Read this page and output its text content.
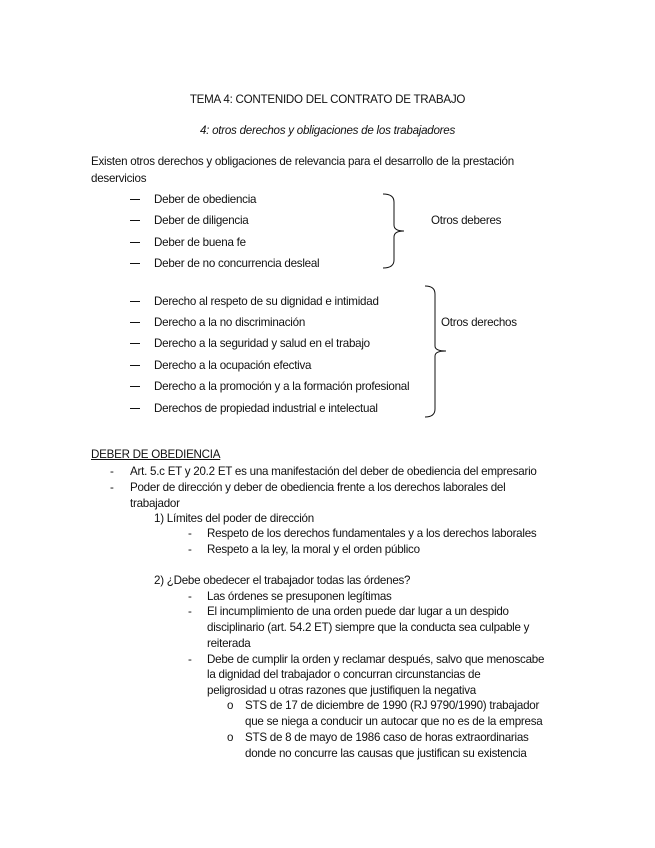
TEMA 4: CONTENIDO DEL CONTRATO DE TRABAJO
4: otros derechos y obligaciones de los trabajadores
Existen otros derechos y obligaciones de relevancia para el desarrollo de la prestación
deservicios
Deber de obediencia
Deber de diligencia
Deber de buena fe
Deber de no concurrencia desleal
Otros deberes
Derecho al respeto de su dignidad e intimidad
Derecho a la no discriminación
Derecho a la seguridad y salud en el trabajo
Derecho a la ocupación efectiva
Derecho a la promoción y a la formación profesional
Derechos de propiedad industrial e intelectual
Otros derechos
DEBER DE OBEDIENCIA
- Art. 5.c ET y 20.2 ET es una manifestación del deber de obediencia del empresario
- Poder de dirección y deber de obediencia frente a los derechos laborales del
trabajador
1) Límites del poder de dirección
- Respeto de los derechos fundamentales y a los derechos laborales
- Respeto a la ley, la moral y el orden público
2) ¿Debe obedecer el trabajador todas las órdenes?
- Las órdenes se presuponen legítimas
- El incumplimiento de una orden puede dar lugar a un despido
disciplinario (art. 54.2 ET) siempre que la conducta sea culpable y
reiterada
- Debe de cumplir la orden y reclamar después, salvo que menoscabe
la dignidad del trabajador o concurran circunstancias de
peligrosidad u otras razones que justifiquen la negativa
o STS de 17 de diciembre de 1990 (RJ 9790/1990) trabajador
que se niega a conducir un autocar que no es de la empresa
o STS de 8 de mayo de 1986 caso de horas extraordinarias
donde no concurre las causas que justifican su existencia
